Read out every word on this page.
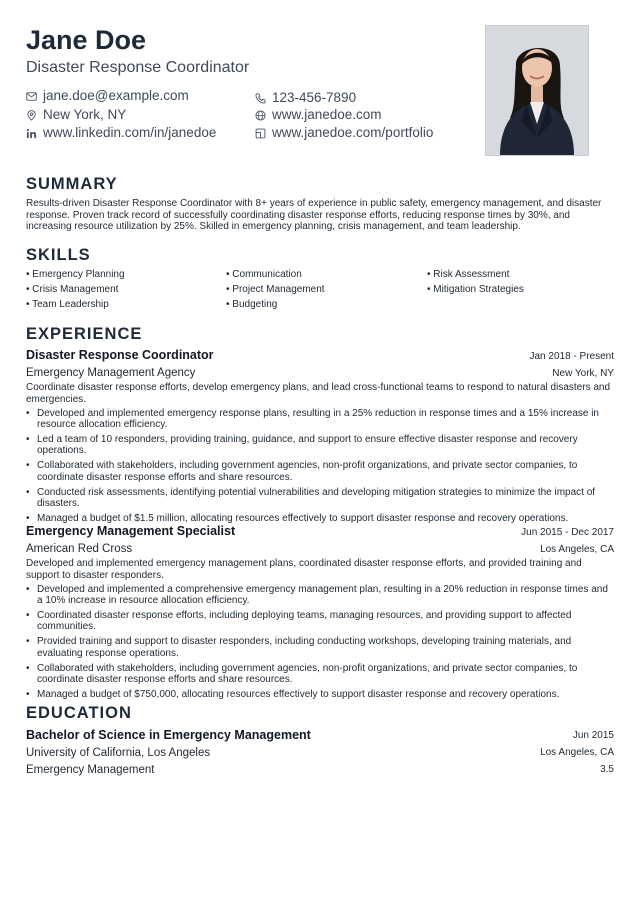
Jane Doe
Disaster Response Coordinator
jane.doe@example.com	123-456-7890
New York, NY	www.janedoe.com
www.linkedin.com/in/janedoe	www.janedoe.com/portfolio
SUMMARY
Results-driven Disaster Response Coordinator with 8+ years of experience in public safety, emergency management, and disaster response. Proven track record of successfully coordinating disaster response efforts, reducing response times by 30%, and increasing resource utilization by 25%. Skilled in emergency planning, crisis management, and team leadership.
SKILLS
• Emergency Planning	• Communication	• Risk Assessment
• Crisis Management	• Project Management	• Mitigation Strategies
• Team Leadership	• Budgeting
EXPERIENCE
Disaster Response Coordinator	Jan 2018 - Present
Emergency Management Agency	New York, NY
Coordinate disaster response efforts, develop emergency plans, and lead cross-functional teams to respond to natural disasters and emergencies.
• Developed and implemented emergency response plans, resulting in a 25% reduction in response times and a 15% increase in resource allocation efficiency.
• Led a team of 10 responders, providing training, guidance, and support to ensure effective disaster response and recovery operations.
• Collaborated with stakeholders, including government agencies, non-profit organizations, and private sector companies, to coordinate disaster response efforts and share resources.
• Conducted risk assessments, identifying potential vulnerabilities and developing mitigation strategies to minimize the impact of disasters.
• Managed a budget of $1.5 million, allocating resources effectively to support disaster response and recovery operations.
Emergency Management Specialist	Jun 2015 - Dec 2017
American Red Cross	Los Angeles, CA
Developed and implemented emergency management plans, coordinated disaster response efforts, and provided training and support to disaster responders.
• Developed and implemented a comprehensive emergency management plan, resulting in a 20% reduction in response times and a 10% increase in resource allocation efficiency.
• Coordinated disaster response efforts, including deploying teams, managing resources, and providing support to affected communities.
• Provided training and support to disaster responders, including conducting workshops, developing training materials, and evaluating response operations.
• Collaborated with stakeholders, including government agencies, non-profit organizations, and private sector companies, to coordinate disaster response efforts and share resources.
• Managed a budget of $750,000, allocating resources effectively to support disaster response and recovery operations.
EDUCATION
Bachelor of Science in Emergency Management	Jun 2015
University of California, Los Angeles	Los Angeles, CA
Emergency Management	3.5
